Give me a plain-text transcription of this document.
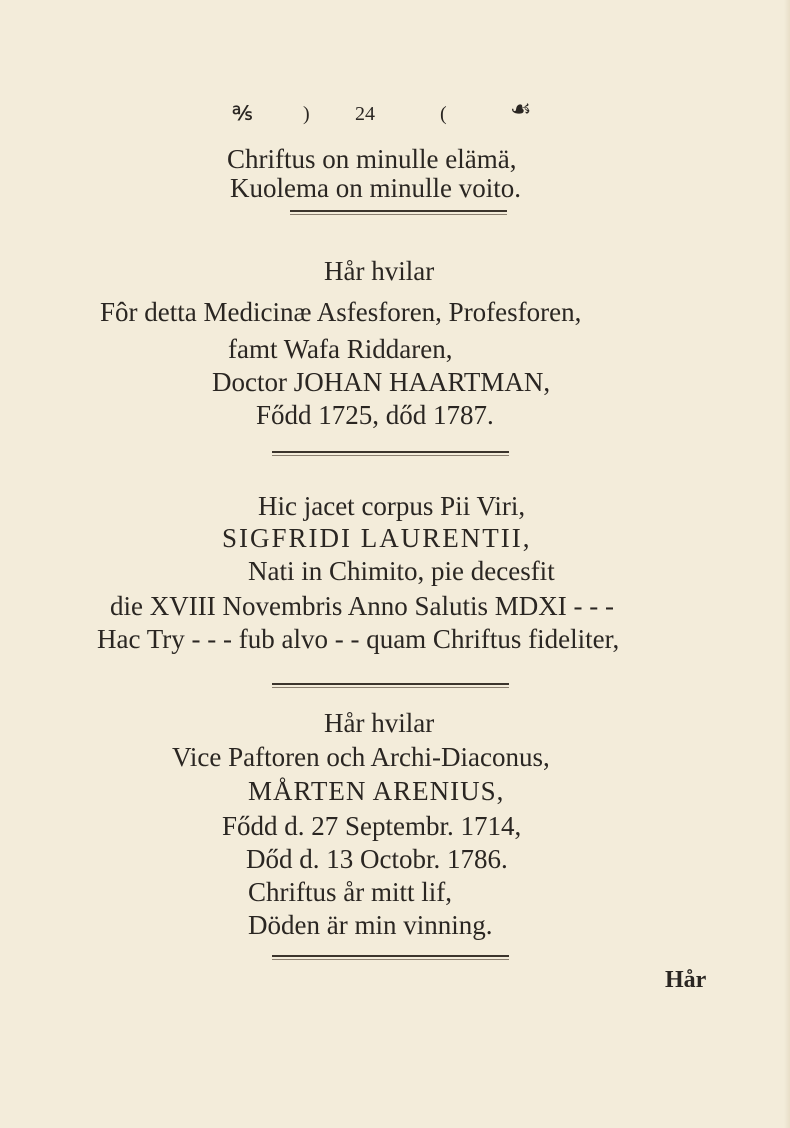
℁	) 24	(	☙
Chriftus on minulle elämä,
Kuolema on minulle voito.
Hår hvilar
Fôr detta Medicinæ Asfesforen, Profesforen,
famt Wafa Riddaren,
Doctor JOHAN HAARTMAN,
Fődd 1725, dőd 1787.
Hic jacet corpus Pii Viri,
SIGFRIDI LAURENTII,
Nati in Chimito, pie decesfit
die XVIII Novembris Anno Salutis MDXI - - -
Hac Try - - - fub alvo - - quam Chriftus fideliter,
Hår hvilar
Vice Paftoren och Archi-Diaconus,
MÅRTEN ARENIUS,
Fődd d. 27 Septembr. 1714,
Dőd d. 13 Octobr. 1786.
Chriftus år mitt lif,
Döden är min vinning.
Hår
